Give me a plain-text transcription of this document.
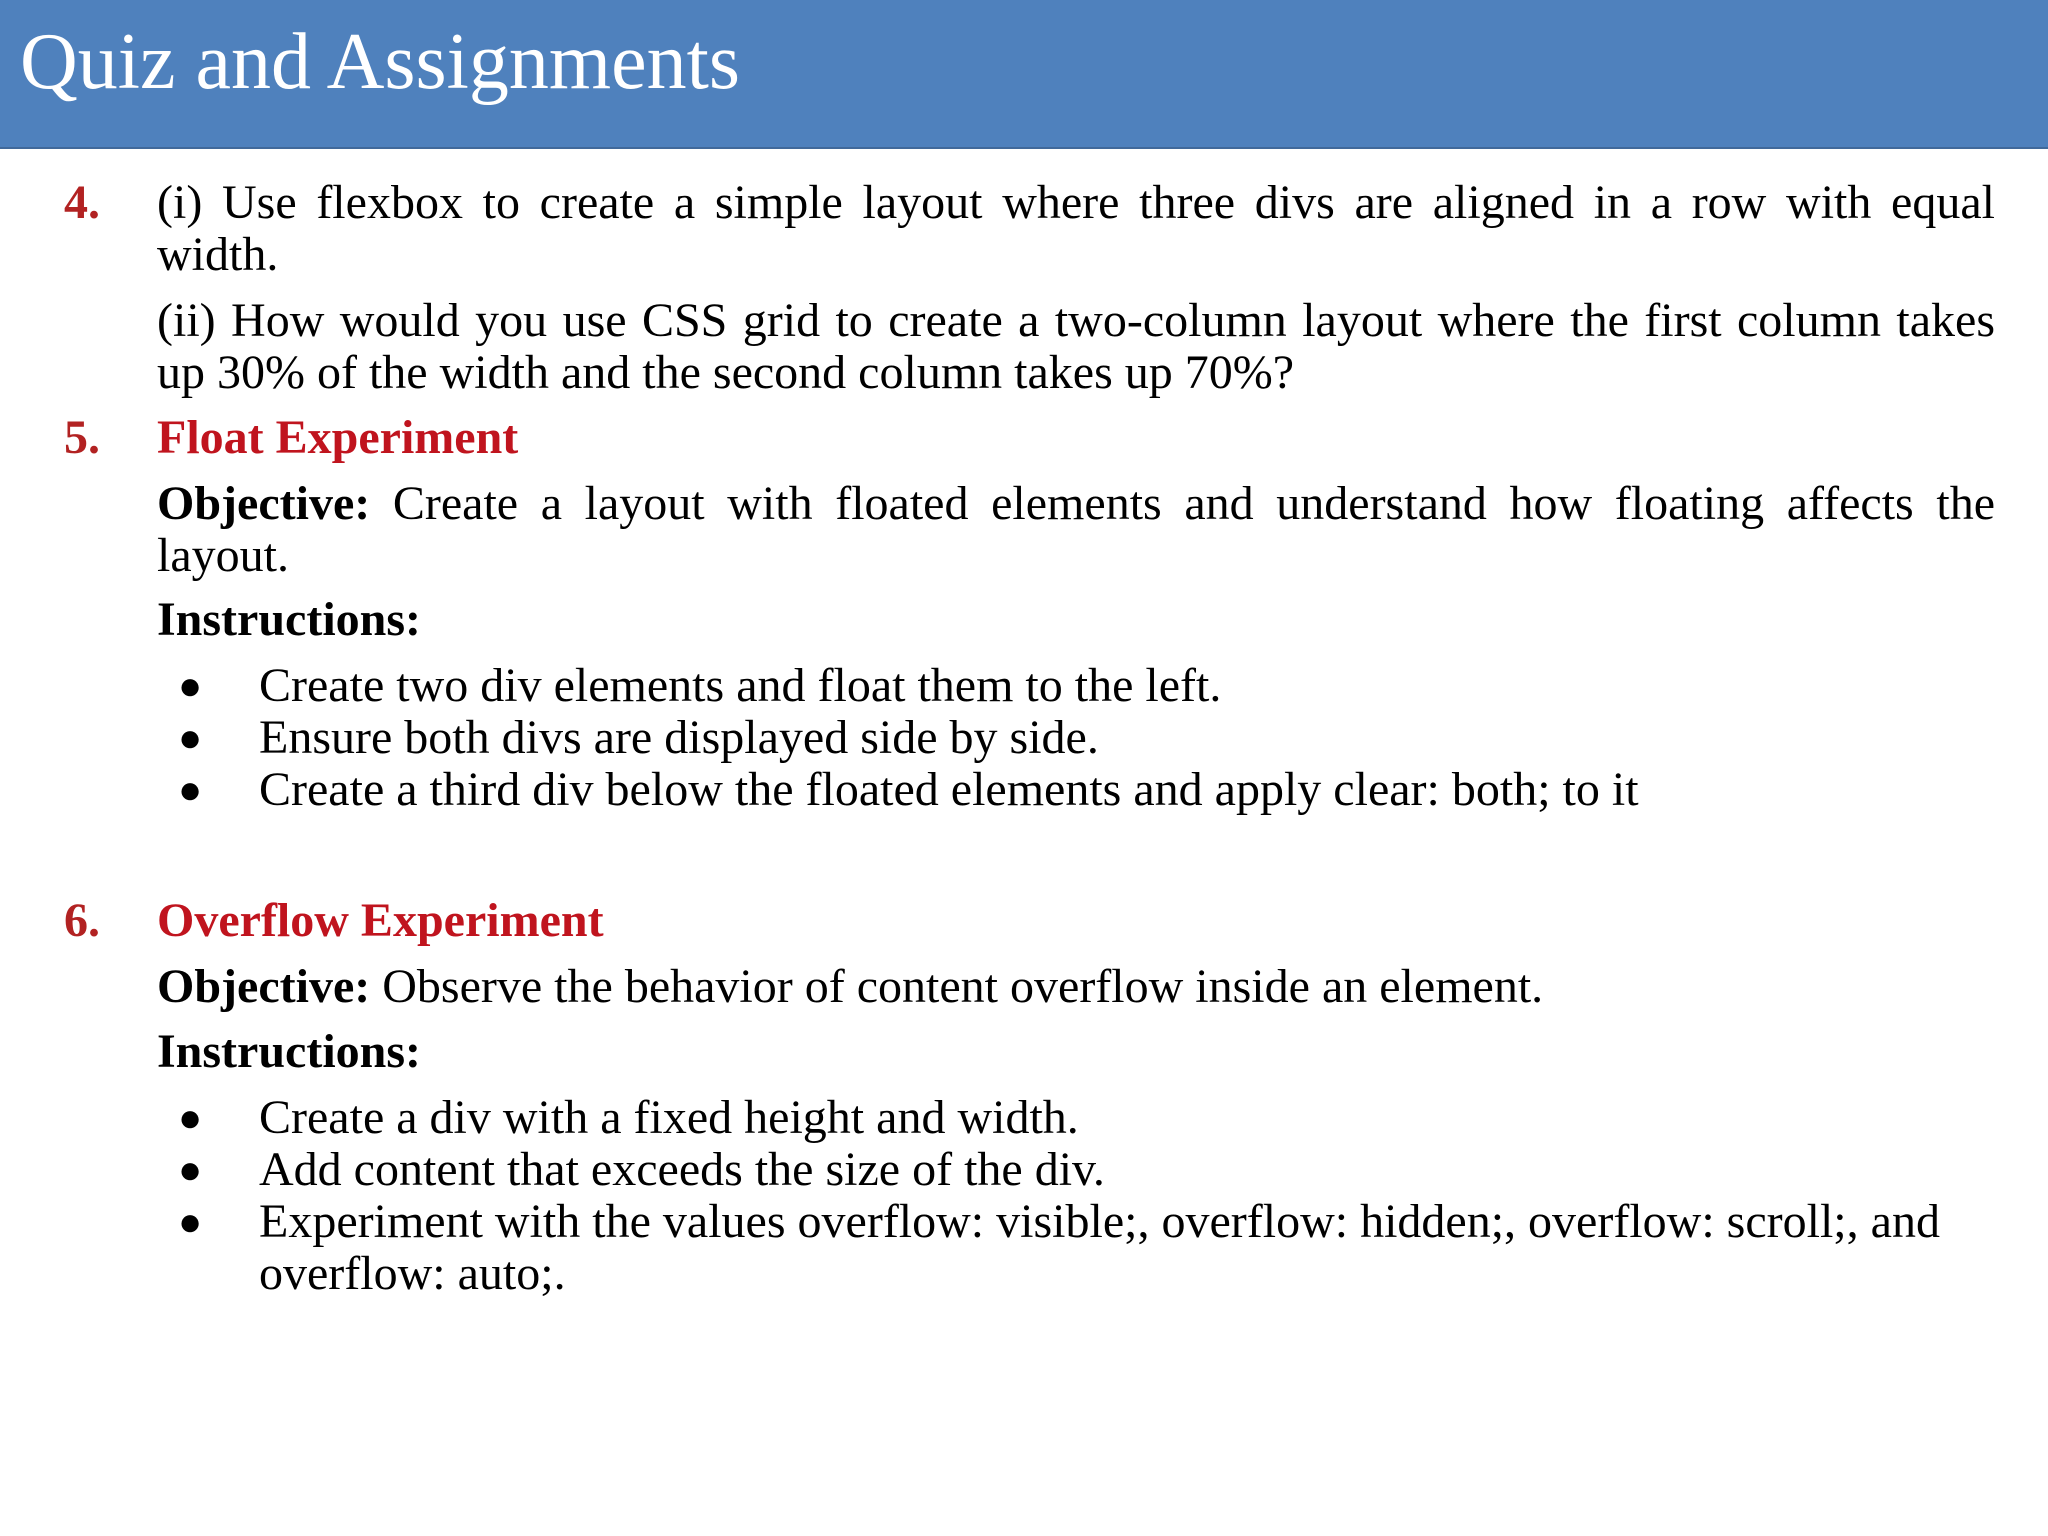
Quiz and Assignments
4. (i) Use flexbox to create a simple layout where three divs are aligned in a row with equal width.
(ii) How would you use CSS grid to create a two-column layout where the first column takes up 30% of the width and the second column takes up 70%?
5. Float Experiment
Objective: Create a layout with floated elements and understand how floating affects the layout.
Instructions:
● Create two div elements and float them to the left.
● Ensure both divs are displayed side by side.
● Create a third div below the floated elements and apply clear: both; to it
6. Overflow Experiment
Objective: Observe the behavior of content overflow inside an element.
Instructions:
● Create a div with a fixed height and width.
● Add content that exceeds the size of the div.
● Experiment with the values overflow: visible;, overflow: hidden;, overflow: scroll;, and overflow: auto;.
